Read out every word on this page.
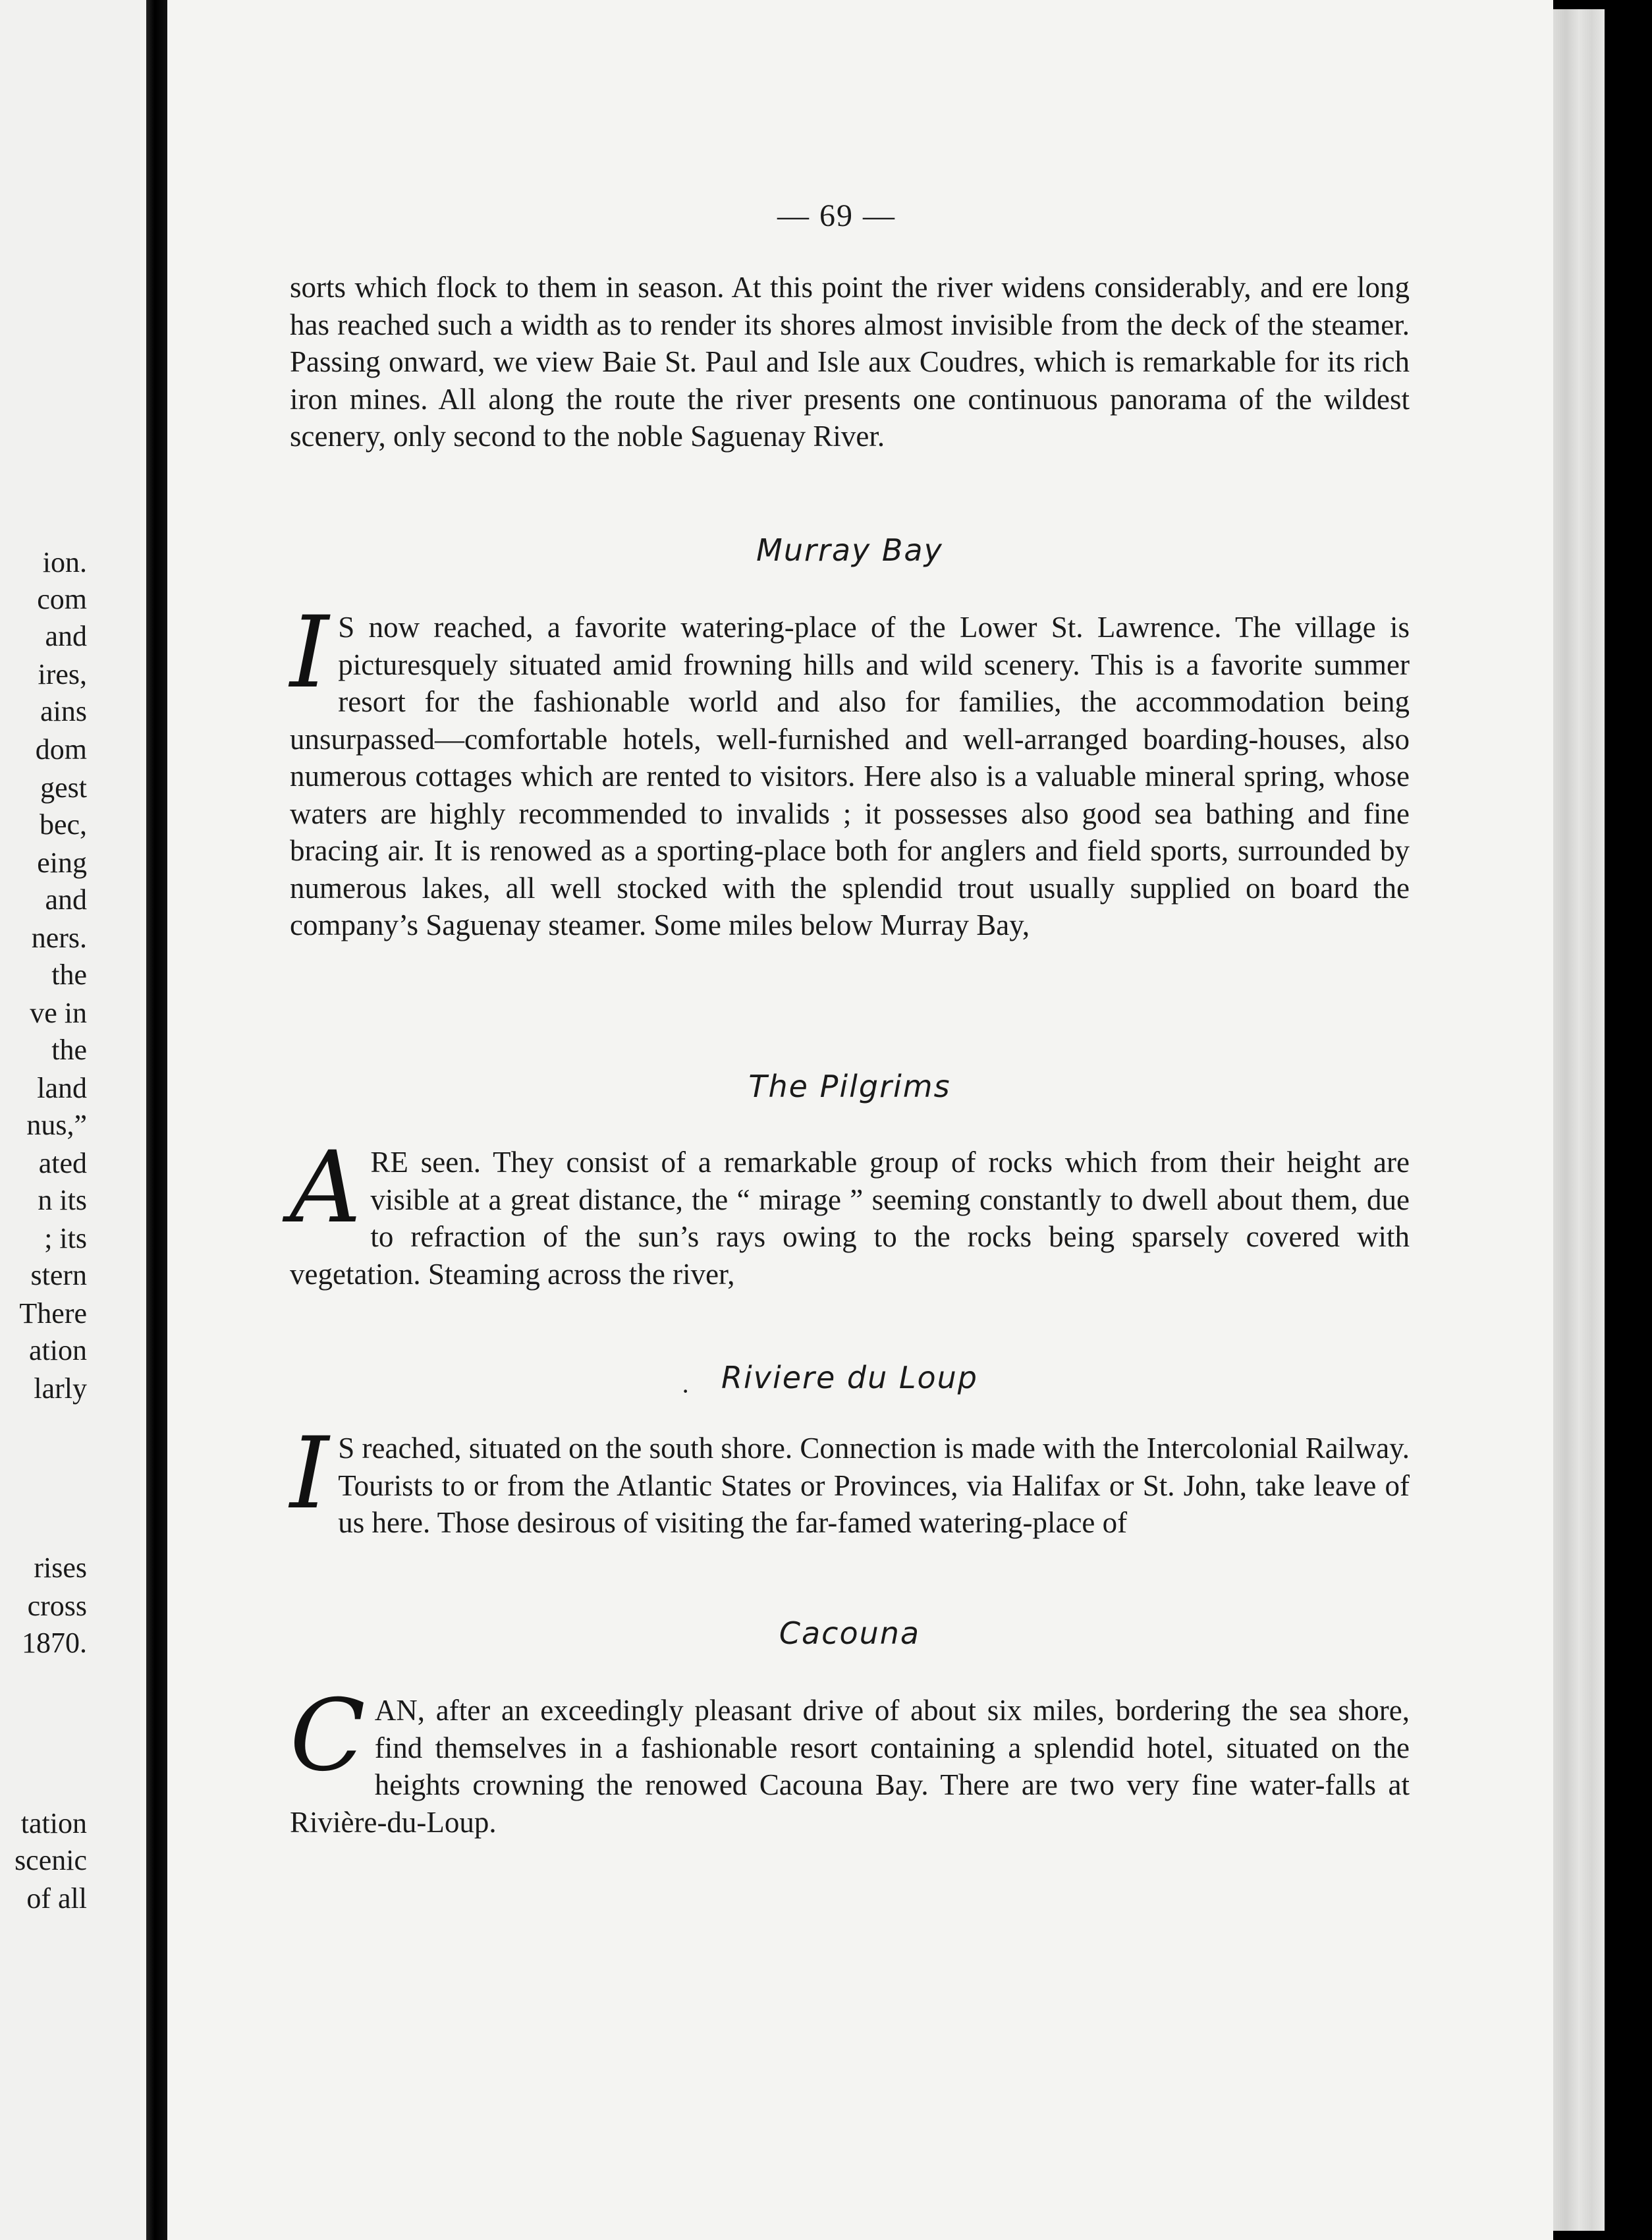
ion.
com
and
ires,
ains
dom
gest
bec,
eing
and
ners.
the
ve in
the
land
nus,”
ated
n its
; its
stern
There
ation
larly
rises
cross
1870.
tation
scenic
of all
— 69 —

sorts which flock to them in season. At this point the river widens considerably, and ere long has reached such a width as to render its shores almost invisible from the deck of the steamer. Passing onward, we view Baie St. Paul and Isle aux Coudres, which is remarkable for its rich iron mines. All along the route the river presents one continuous panorama of the wildest scenery, only second to the noble Saguenay River.

Murray Bay

I S now reached, a favorite watering-place of the Lower St. Lawrence. The village is picturesquely situated amid frowning hills and wild scenery. This is a favorite summer resort for the fashionable world and also for families, the accommodation being unsurpassed—comfortable hotels, well-furnished and well-arranged boarding-houses, also numerous cottages which are rented to visitors. Here also is a valuable mineral spring, whose waters are highly recommended to invalids ; it possesses also good sea bathing and fine bracing air. It is renowed as a sporting-place both for anglers and field sports, surrounded by numerous lakes, all well stocked with the splendid trout usually supplied on board the company’s Saguenay steamer. Some miles below Murray Bay,

The Pilgrims

ARE seen. They consist of a remarkable group of rocks which from their height are visible at a great distance, the “ mirage ” seeming constantly to dwell about them, due to refraction of the sun’s rays owing to the rocks being sparsely covered with vegetation. Steaming across the river,

·	Riviere du Loup

I S reached, situated on the south shore. Connection is made with the Intercolonial Railway. Tourists to or from the Atlantic States or Provinces, via Halifax or St. John, take leave of us here. Those desirous of visiting the far-famed watering-place of

Cacouna

CAN, after an exceedingly pleasant drive of about six miles, bordering the sea shore, find themselves in a fashionable resort containing a splendid hotel, situated on the heights crowning the renowed Cacouna Bay. There are two very fine water-falls at Rivière-du-Loup.
